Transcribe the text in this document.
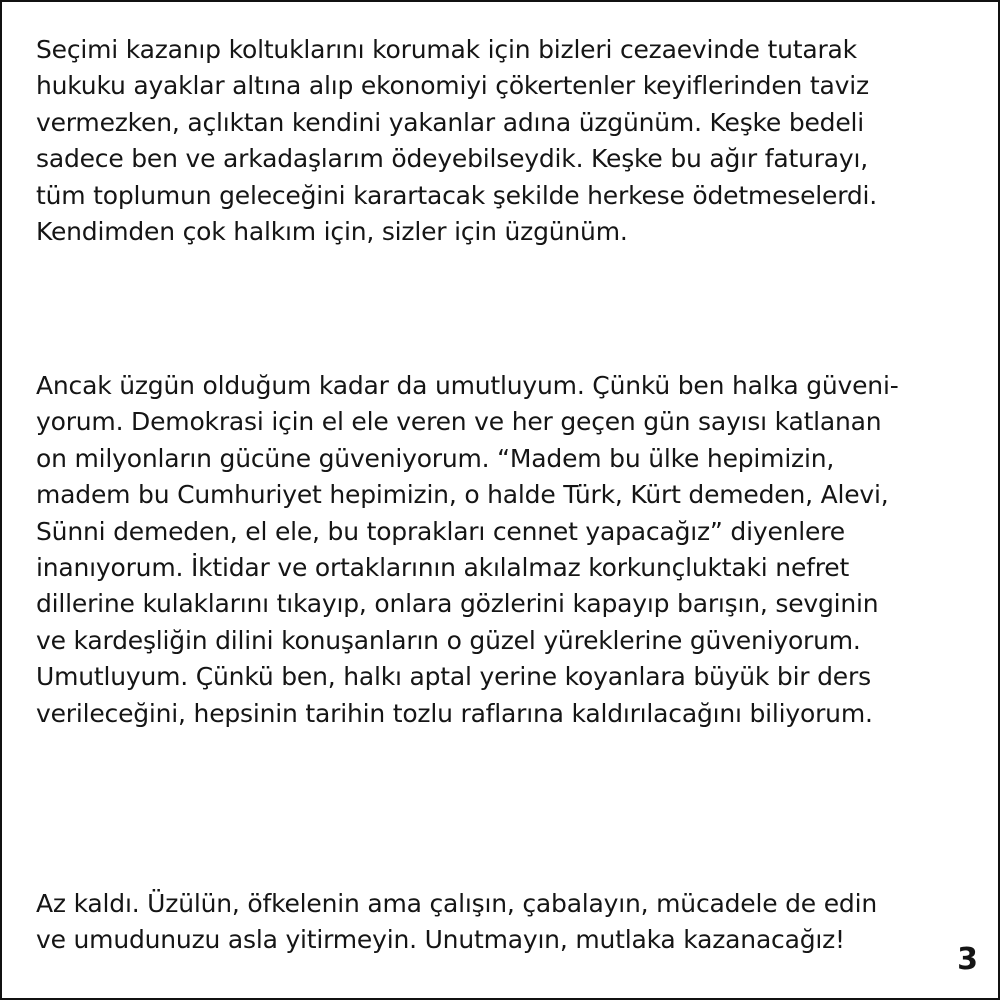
Seçimi kazanıp koltuklarını korumak için bizleri cezaevinde tutarak
hukuku ayaklar altına alıp ekonomiyi çökertenler keyiflerinden taviz
vermezken, açlıktan kendini yakanlar adına üzgünüm. Keşke bedeli
sadece ben ve arkadaşlarım ödeyebilseydik. Keşke bu ağır faturayı,
tüm toplumun geleceğini karartacak şekilde herkese ödetmeselerdi.
Kendimden çok halkım için, sizler için üzgünüm.
Ancak üzgün olduğum kadar da umutluyum. Çünkü ben halka güveni-
yorum. Demokrasi için el ele veren ve her geçen gün sayısı katlanan
on milyonların gücüne güveniyorum. “Madem bu ülke hepimizin,
madem bu Cumhuriyet hepimizin, o halde Türk, Kürt demeden, Alevi,
Sünni demeden, el ele, bu toprakları cennet yapacağız” diyenlere
inanıyorum. İktidar ve ortaklarının akılalmaz korkunçluktaki nefret
dillerine kulaklarını tıkayıp, onlara gözlerini kapayıp barışın, sevginin
ve kardeşliğin dilini konuşanların o güzel yüreklerine güveniyorum.
Umutluyum. Çünkü ben, halkı aptal yerine koyanlara büyük bir ders
verileceğini, hepsinin tarihin tozlu raflarına kaldırılacağını biliyorum.
Az kaldı. Üzülün, öfkelenin ama çalışın, çabalayın, mücadele de edin
ve umudunuzu asla yitirmeyin. Unutmayın, mutlaka kazanacağız!
3
